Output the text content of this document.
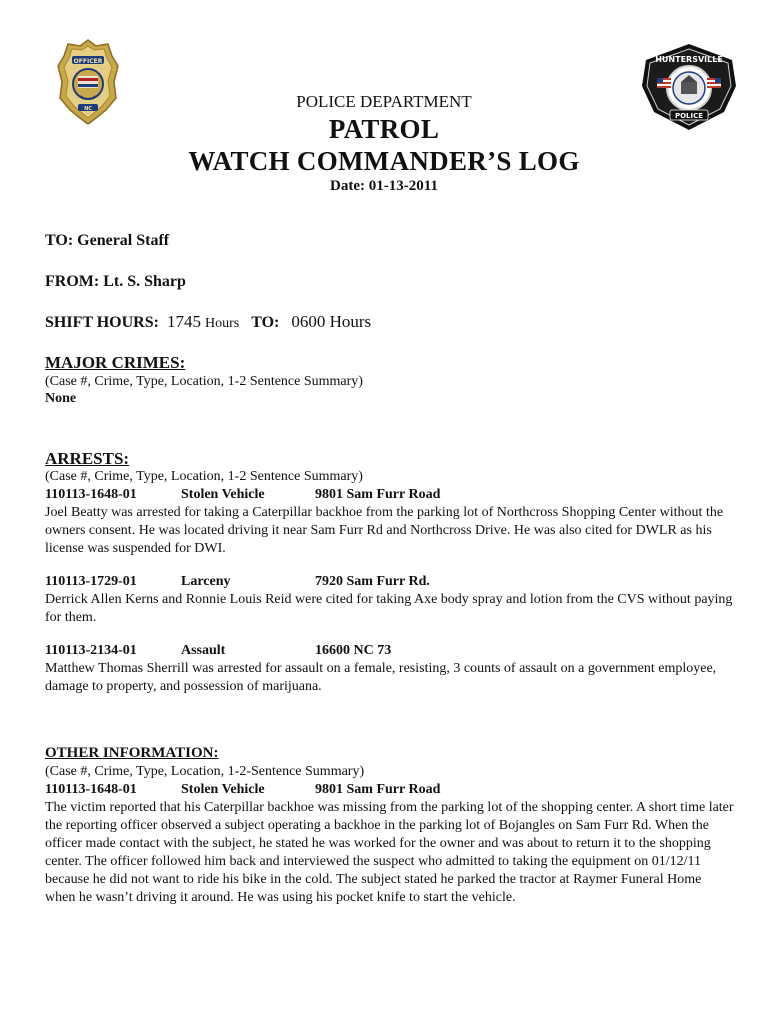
OFFICER
NC
HUNTERSVILLE
POLICE
POLICE DEPARTMENT
PATROL
WATCH COMMANDER’S LOG
Date: 01-13-2011
TO: General Staff
FROM: Lt. S. Sharp
SHIFT HOURS: 1745 Hours TO: 0600 Hours
MAJOR CRIMES:
(Case #, Crime, Type, Location, 1-2 Sentence Summary)
None
ARRESTS:
(Case #, Crime, Type, Location, 1-2 Sentence Summary)
110113-1648-01	Stolen Vehicle	9801 Sam Furr Road
Joel Beatty was arrested for taking a Caterpillar backhoe from the parking lot of Northcross Shopping Center without the owners consent. He was located driving it near Sam Furr Rd and Northcross Drive. He was also cited for DWLR as his license was suspended for DWI.
110113-1729-01	Larceny	7920 Sam Furr Rd.
Derrick Allen Kerns and Ronnie Louis Reid were cited for taking Axe body spray and lotion from the CVS without paying for them.
110113-2134-01	Assault	16600 NC 73
Matthew Thomas Sherrill was arrested for assault on a female, resisting, 3 counts of assault on a government employee, damage to property, and possession of marijuana.
OTHER INFORMATION:
(Case #, Crime, Type, Location, 1-2-Sentence Summary)
110113-1648-01	Stolen Vehicle	9801 Sam Furr Road
The victim reported that his Caterpillar backhoe was missing from the parking lot of the shopping center. A short time later the reporting officer observed a subject operating a backhoe in the parking lot of Bojangles on Sam Furr Rd. When the officer made contact with the subject, he stated he was worked for the owner and was about to return it to the shopping center. The officer followed him back and interviewed the suspect who admitted to taking the equipment on 01/12/11 because he did not want to ride his bike in the cold. The subject stated he parked the tractor at Raymer Funeral Home when he wasn’t driving it around. He was using his pocket knife to start the vehicle.
